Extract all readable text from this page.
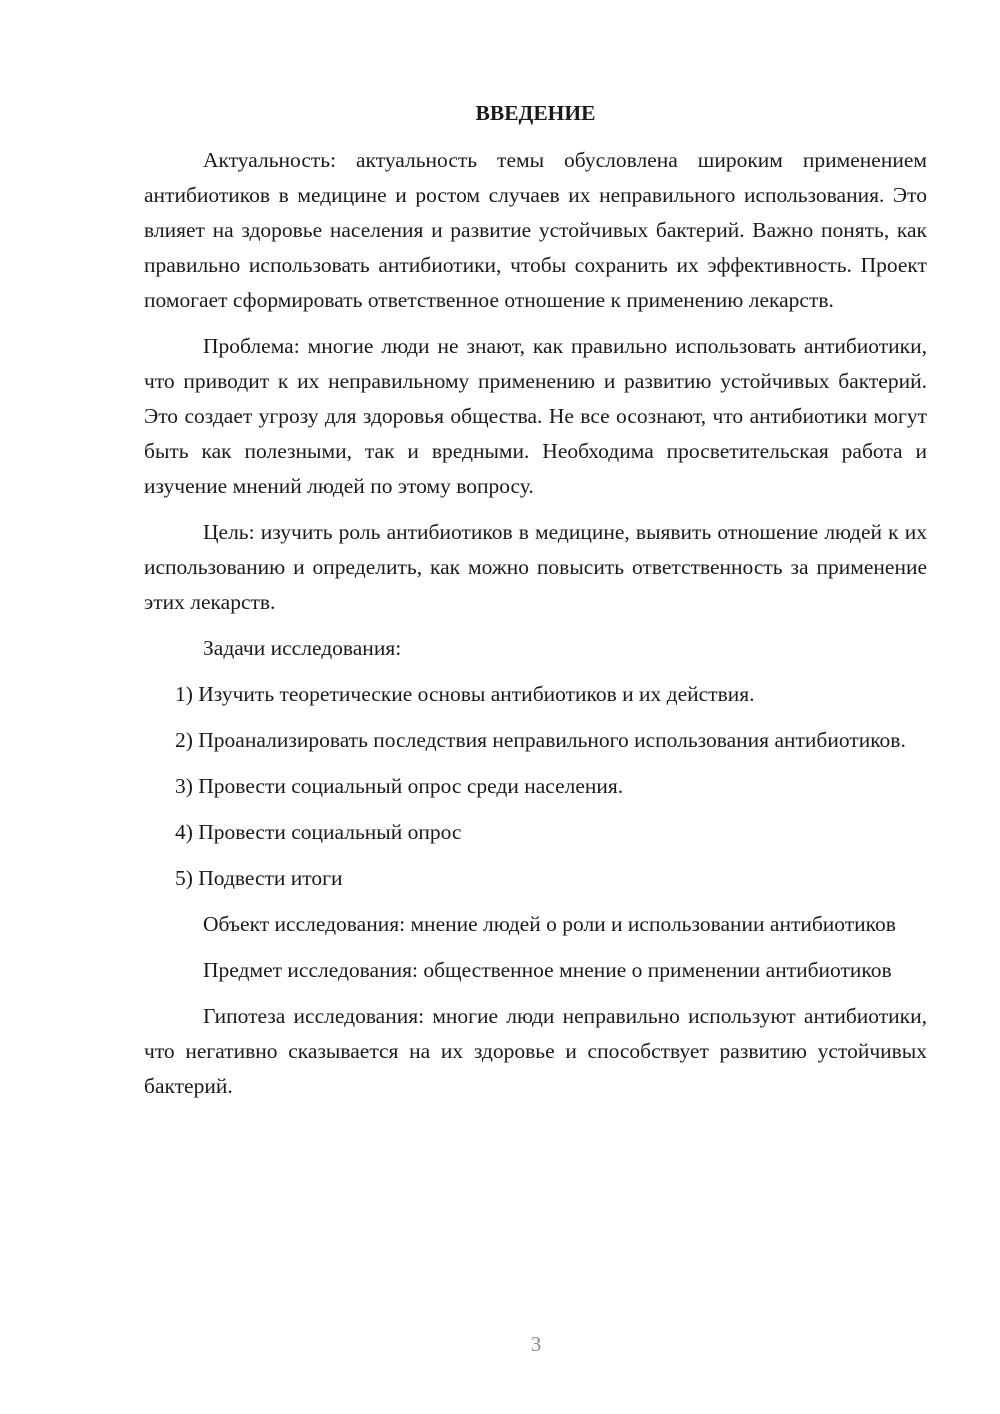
ВВЕДЕНИЕ

Актуальность: актуальность темы обусловлена широким применением антибиотиков в медицине и ростом случаев их неправильного использования. Это влияет на здоровье населения и развитие устойчивых бактерий. Важно понять, как правильно использовать антибиотики, чтобы сохранить их эффективность. Проект помогает сформировать ответственное отношение к применению лекарств.

Проблема: многие люди не знают, как правильно использовать антибиотики, что приводит к их неправильному применению и развитию устойчивых бактерий. Это создает угрозу для здоровья общества. Не все осознают, что антибиотики могут быть как полезными, так и вредными. Необходима просветительская работа и изучение мнений людей по этому вопросу.

Цель: изучить роль антибиотиков в медицине, выявить отношение людей к их использованию и определить, как можно повысить ответственность за применение этих лекарств.

Задачи исследования:

1) Изучить теоретические основы антибиотиков и их действия.

2) Проанализировать последствия неправильного использования антибиотиков.

3) Провести социальный опрос среди населения.

4) Провести социальный опрос

5) Подвести итоги

Объект исследования: мнение людей о роли и использовании антибиотиков

Предмет исследования: общественное мнение о применении антибиотиков

Гипотеза исследования: многие люди неправильно используют антибиотики, что негативно сказывается на их здоровье и способствует развитию устойчивых бактерий.

3
